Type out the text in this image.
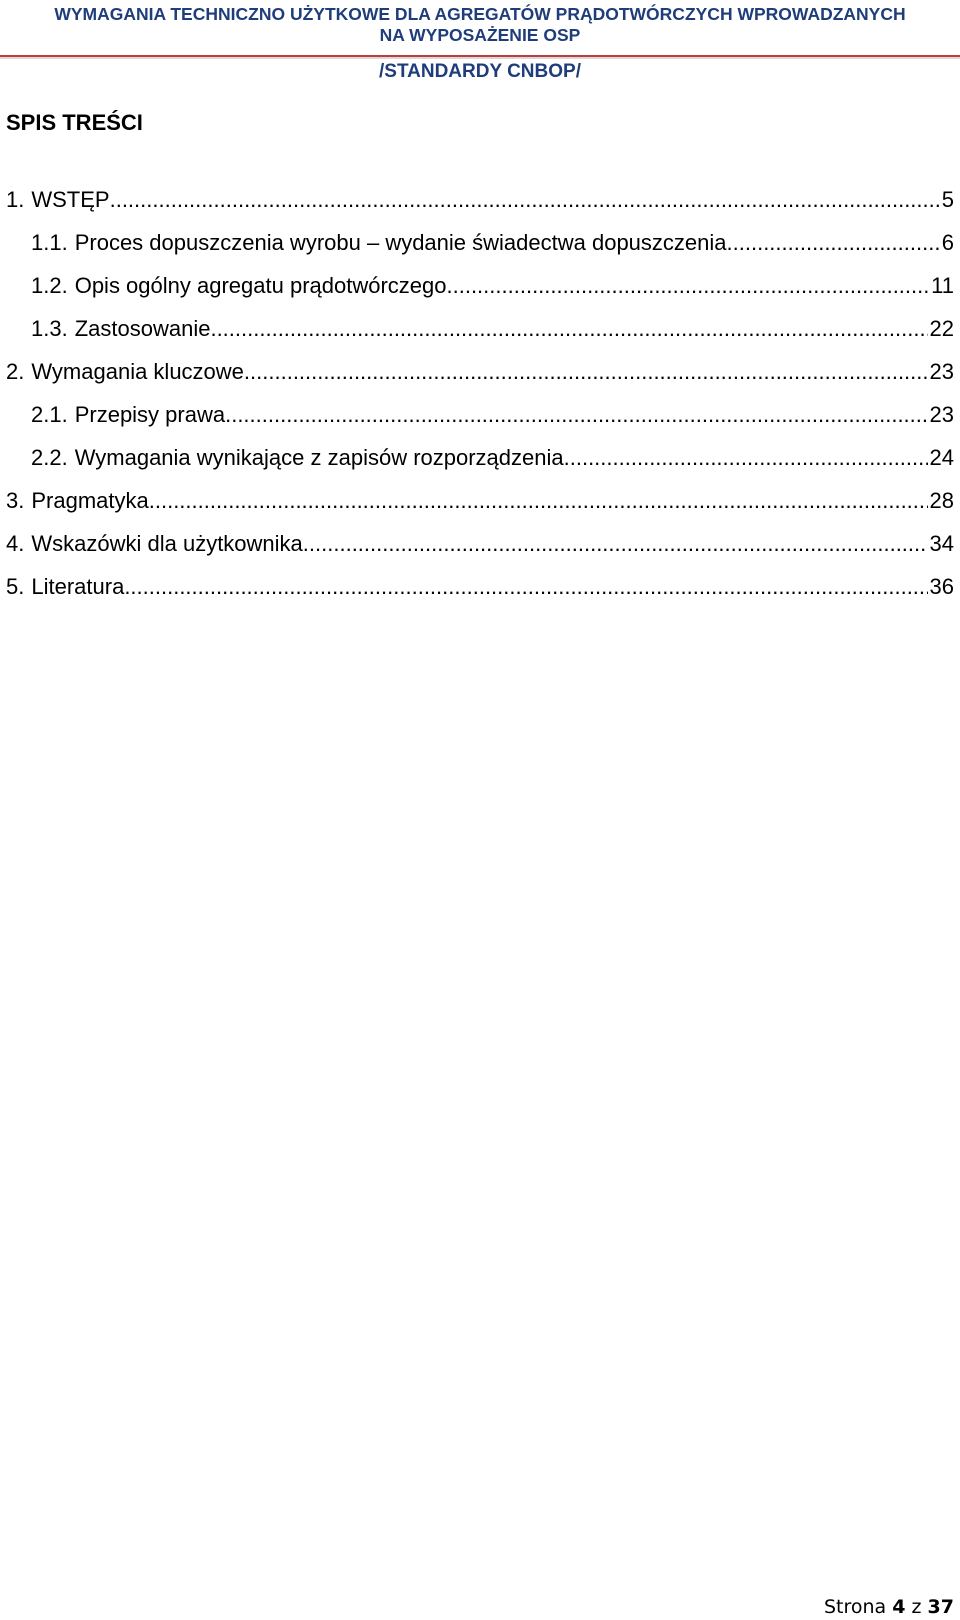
WYMAGANIA TECHNICZNO UŻYTKOWE DLA AGREGATÓW PRĄDOTWÓRCZYCH WPROWADZANYCH
NA WYPOSAŻENIE OSP
/STANDARDY CNBOP/
SPIS TREŚCI
1. WSTĘP .....	5
1.1. Proces dopuszczenia wyrobu – wydanie świadectwa dopuszczenia .....	6
1.2. Opis ogólny agregatu prądotwórczego .....	11
1.3. Zastosowanie .....	22
2. Wymagania kluczowe .....	23
2.1. Przepisy prawa .....	23
2.2. Wymagania wynikające z zapisów rozporządzenia .....	24
3. Pragmatyka .....	28
4. Wskazówki dla użytkownika .....	34
5. Literatura .....	36
Strona 4 z 37
